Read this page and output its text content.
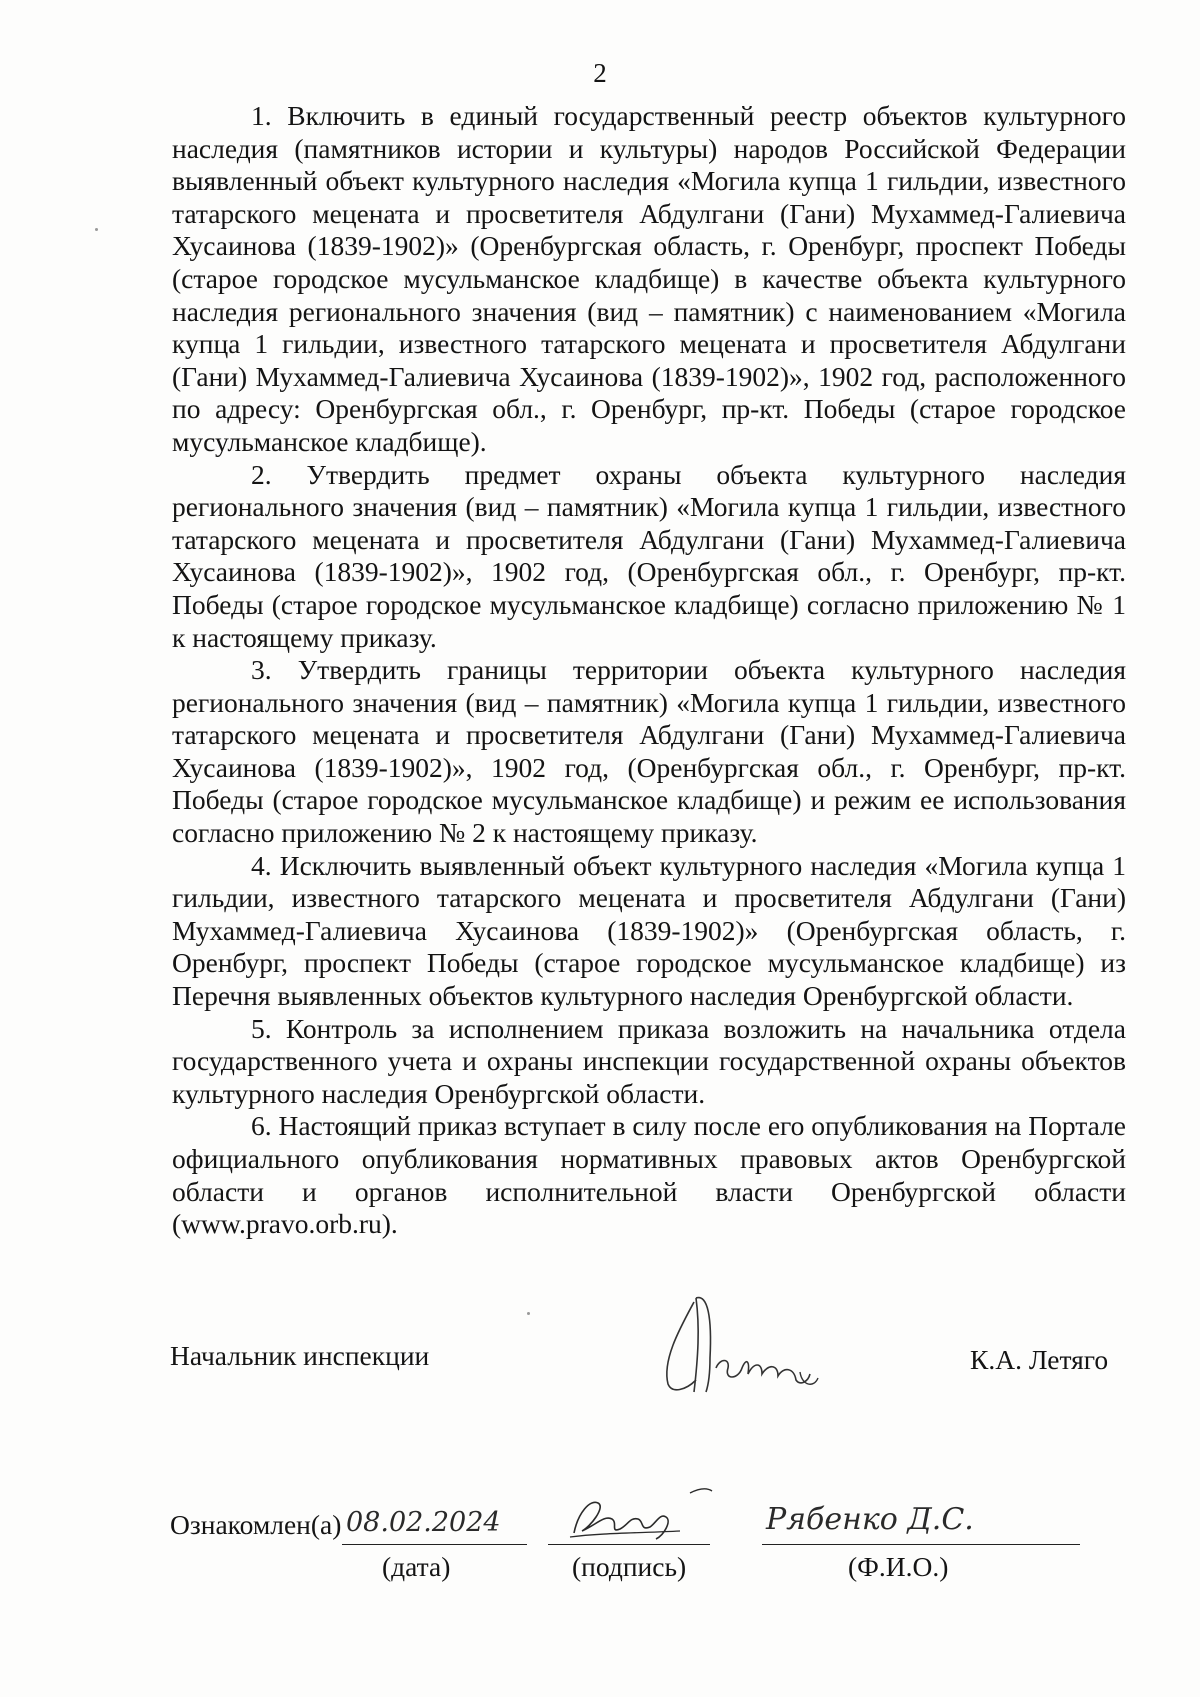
2

1. Включить в единый государственный реестр объектов культурного наследия (памятников истории и культуры) народов Российской Федерации выявленный объект культурного наследия «Могила купца 1 гильдии, известного татарского мецената и просветителя Абдулгани (Гани) Мухаммед-Галиевича Хусаинова (1839-1902)» (Оренбургская область, г. Оренбург, проспект Победы (старое городское мусульманское кладбище) в качестве объекта культурного наследия регионального значения (вид – памятник) с наименованием «Могила купца 1 гильдии, известного татарского мецената и просветителя Абдулгани (Гани) Мухаммед-Галиевича Хусаинова (1839-1902)», 1902 год, расположенного по адресу: Оренбургская обл., г. Оренбург, пр-кт. Победы (старое городское мусульманское кладбище).

2. Утвердить предмет охраны объекта культурного наследия регионального значения (вид – памятник) «Могила купца 1 гильдии, известного татарского мецената и просветителя Абдулгани (Гани) Мухаммед-Галиевича Хусаинова (1839-1902)», 1902 год, (Оренбургская обл., г. Оренбург, пр-кт. Победы (старое городское мусульманское кладбище) согласно приложению № 1 к настоящему приказу.

3. Утвердить границы территории объекта культурного наследия регионального значения (вид – памятник) «Могила купца 1 гильдии, известного татарского мецената и просветителя Абдулгани (Гани) Мухаммед-Галиевича Хусаинова (1839-1902)», 1902 год, (Оренбургская обл., г. Оренбург, пр-кт. Победы (старое городское мусульманское кладбище) и режим ее использования согласно приложению № 2 к настоящему приказу.

4. Исключить выявленный объект культурного наследия «Могила купца 1 гильдии, известного татарского мецената и просветителя Абдулгани (Гани) Мухаммед-Галиевича Хусаинова (1839-1902)» (Оренбургская область, г. Оренбург, проспект Победы (старое городское мусульманское кладбище) из Перечня выявленных объектов культурного наследия Оренбургской области.

5. Контроль за исполнением приказа возложить на начальника отдела государственного учета и охраны инспекции государственной охраны объектов культурного наследия Оренбургской области.

6. Настоящий приказ вступает в силу после его опубликования на Портале официального опубликования нормативных правовых актов Оренбургской области и органов исполнительной власти Оренбургской области (www.pravo.orb.ru).

Начальник инспекции	К.А. Летяго
Ознакомлен(а) 08.02.2024	Рябенко Д.С.
(дата)	(подпись)	(Ф.И.О.)
